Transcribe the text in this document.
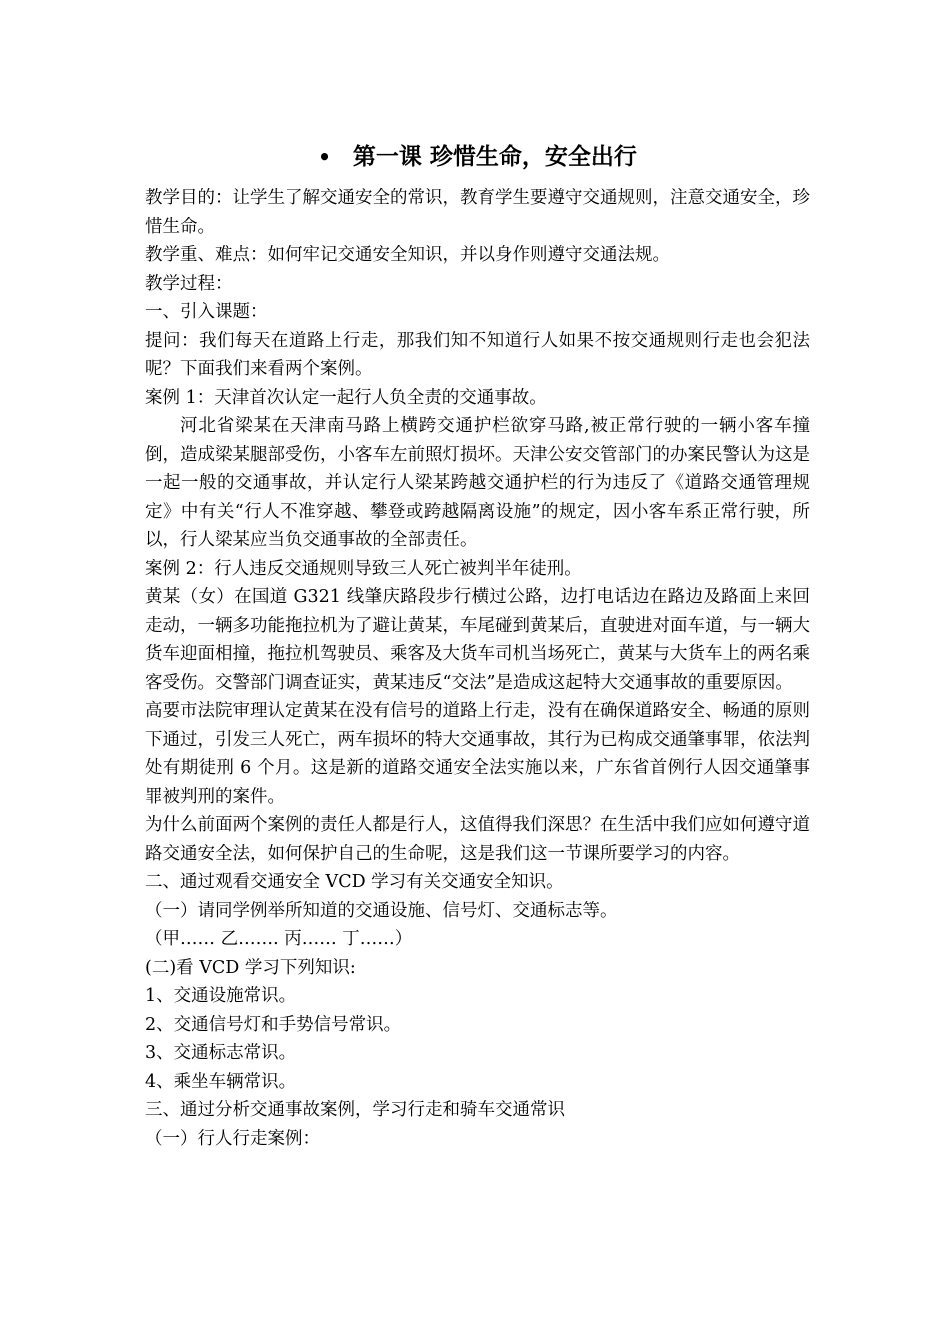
• 第一课 珍惜生命，安全出行

教学目的：让学生了解交通安全的常识，教育学生要遵守交通规则，注意交通安全，珍惜生命。

教学重、难点：如何牢记交通安全知识，并以身作则遵守交通法规。

教学过程：

一、引入课题：

提问：我们每天在道路上行走，那我们知不知道行人如果不按交通规则行走也会犯法呢？下面我们来看两个案例。

案例 1：天津首次认定一起行人负全责的交通事故。

河北省梁某在天津南马路上横跨交通护栏欲穿马路,被正常行驶的一辆小客车撞倒，造成梁某腿部受伤，小客车左前照灯损坏。天津公安交管部门的办案民警认为这是一起一般的交通事故，并认定行人梁某跨越交通护栏的行为违反了《道路交通管理规定》中有关“行人不准穿越、攀登或跨越隔离设施”的规定，因小客车系正常行驶，所以，行人梁某应当负交通事故的全部责任。

案例 2：行人违反交通规则导致三人死亡被判半年徒刑。

黄某（女）在国道 G321 线肇庆路段步行横过公路，边打电话边在路边及路面上来回走动，一辆多功能拖拉机为了避让黄某，车尾碰到黄某后，直驶进对面车道，与一辆大货车迎面相撞，拖拉机驾驶员、乘客及大货车司机当场死亡，黄某与大货车上的两名乘客受伤。交警部门调查证实，黄某违反“交法”是造成这起特大交通事故的重要原因。

高要市法院审理认定黄某在没有信号的道路上行走，没有在确保道路安全、畅通的原则下通过，引发三人死亡，两车损坏的特大交通事故，其行为已构成交通肇事罪，依法判处有期徒刑 6 个月。这是新的道路交通安全法实施以来，广东省首例行人因交通肇事罪被判刑的案件。

为什么前面两个案例的责任人都是行人，这值得我们深思？在生活中我们应如何遵守道路交通安全法，如何保护自己的生命呢，这是我们这一节课所要学习的内容。

二、通过观看交通安全 VCD 学习有关交通安全知识。

（一）请同学例举所知道的交通设施、信号灯、交通标志等。

（甲…… 乙……. 丙…… 丁……）

(二)看 VCD 学习下列知识:

1、交通设施常识。

2、交通信号灯和手势信号常识。

3、交通标志常识。

4、乘坐车辆常识。

三、通过分析交通事故案例，学习行走和骑车交通常识

（一）行人行走案例：
